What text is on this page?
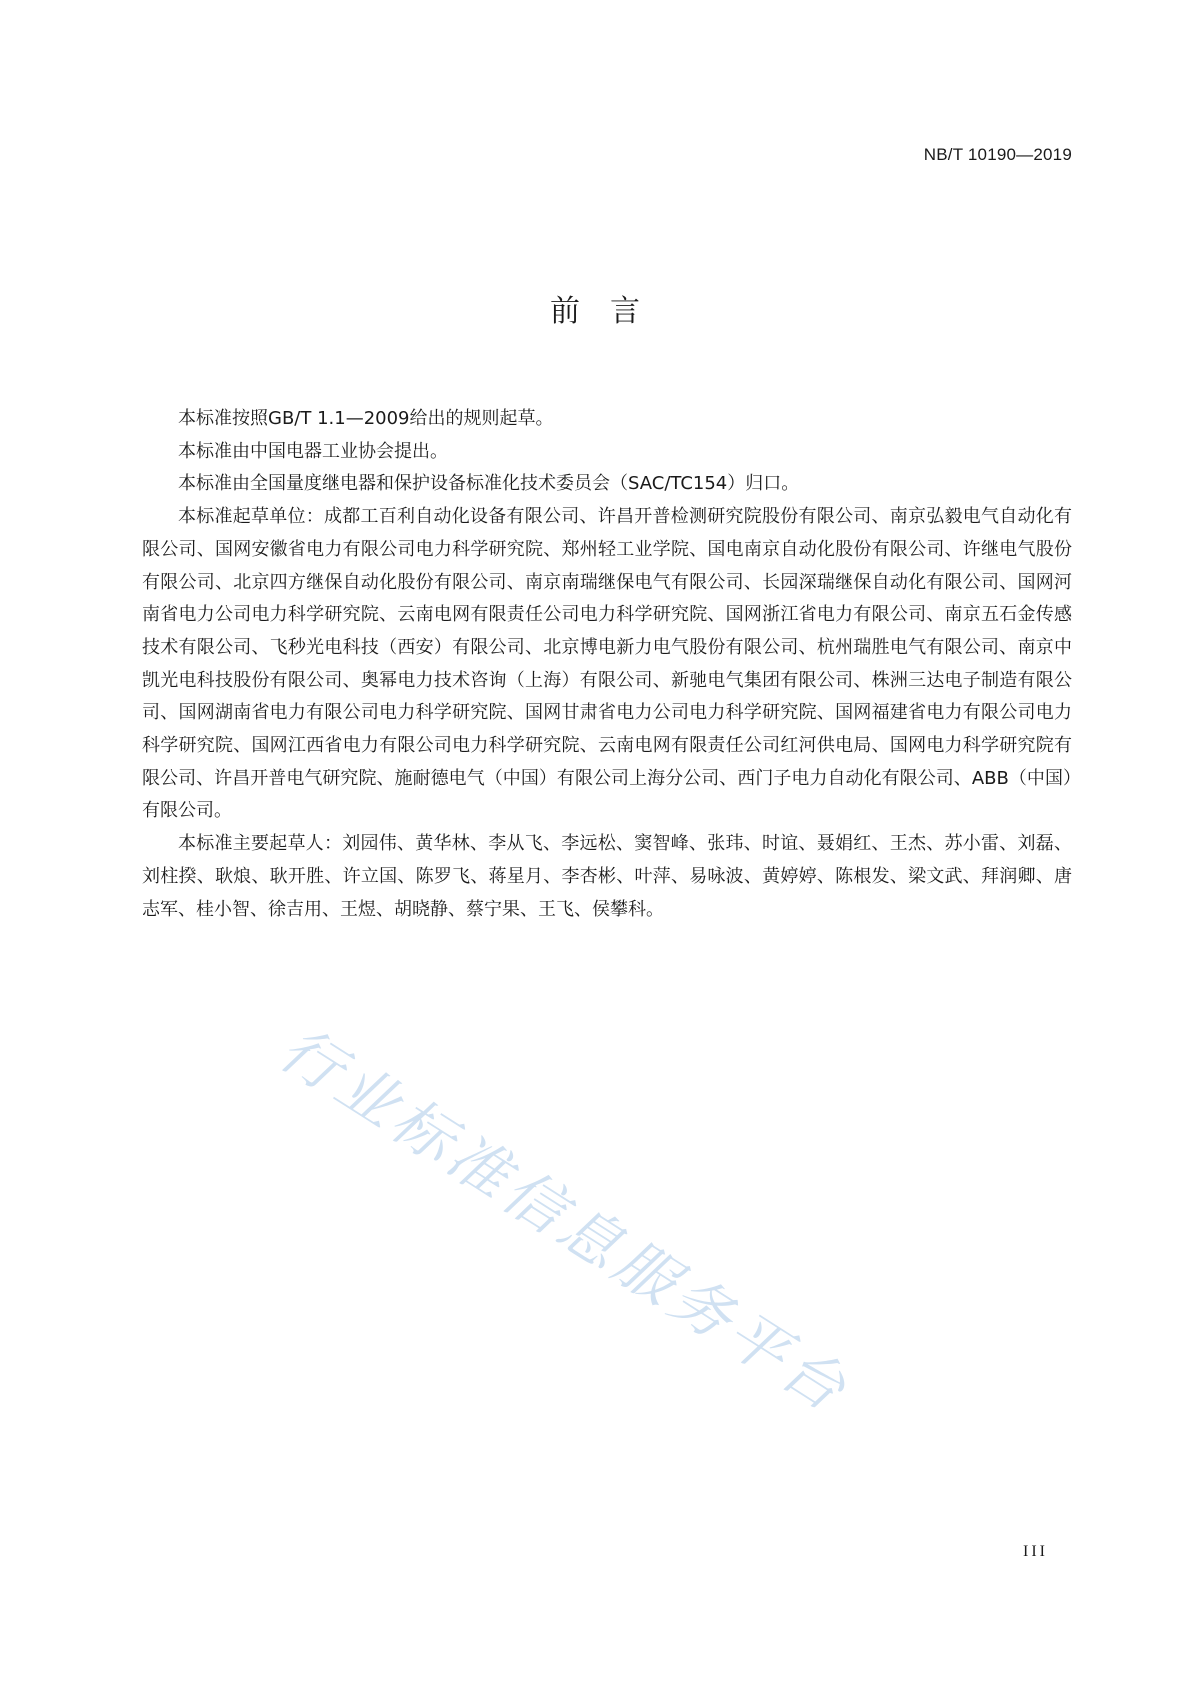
NB/T 10190—2019
前言

本标准按照GB/T 1.1—2009给出的规则起草。

本标准由中国电器工业协会提出。

本标准由全国量度继电器和保护设备标准化技术委员会（SAC/TC154）归口。

本标准起草单位：成都工百利自动化设备有限公司、许昌开普检测研究院股份有限公司、南京弘毅电气自动化有限公司、国网安徽省电力有限公司电力科学研究院、郑州轻工业学院、国电南京自动化股份有限公司、许继电气股份有限公司、北京四方继保自动化股份有限公司、南京南瑞继保电气有限公司、长园深瑞继保自动化有限公司、国网河南省电力公司电力科学研究院、云南电网有限责任公司电力科学研究院、国网浙江省电力有限公司、南京五石金传感技术有限公司、飞秒光电科技（西安）有限公司、北京博电新力电气股份有限公司、杭州瑞胜电气有限公司、南京中凯光电科技股份有限公司、奥幂电力技术咨询（上海）有限公司、新驰电气集团有限公司、株洲三达电子制造有限公司、国网湖南省电力有限公司电力科学研究院、国网甘肃省电力公司电力科学研究院、国网福建省电力有限公司电力科学研究院、国网江西省电力有限公司电力科学研究院、云南电网有限责任公司红河供电局、国网电力科学研究院有限公司、许昌开普电气研究院、施耐德电气（中国）有限公司上海分公司、西门子电力自动化有限公司、ABB（中国）有限公司。

本标准主要起草人：刘园伟、黄华林、李从飞、李远松、窦智峰、张玮、时谊、聂娟红、王杰、苏小雷、刘磊、刘柱揆、耿烺、耿开胜、许立国、陈罗飞、蒋星月、李杏彬、叶萍、易咏波、黄婷婷、陈根发、梁文武、拜润卿、唐志军、桂小智、徐吉用、王煜、胡晓静、蔡宁果、王飞、侯攀科。

行业标准信息服务平台
III
